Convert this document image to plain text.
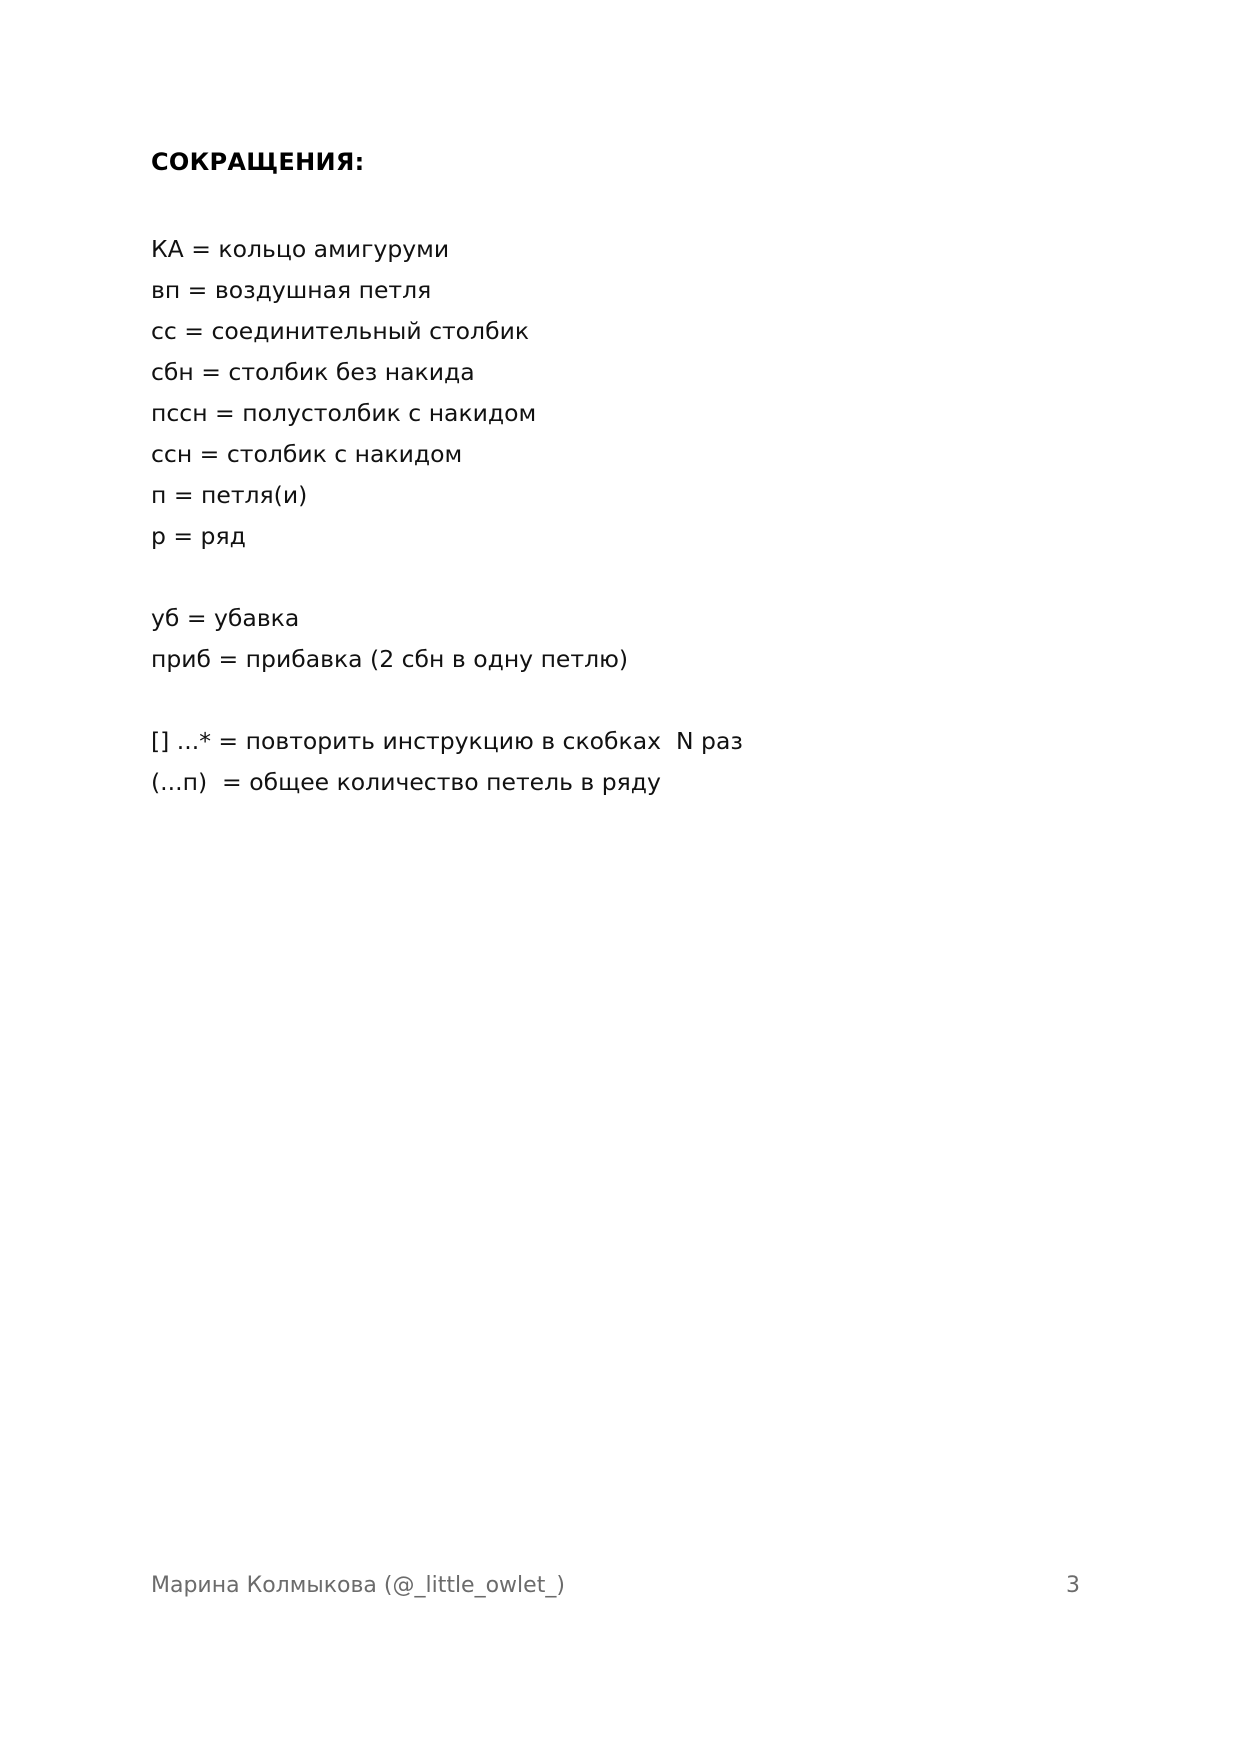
СОКРАЩЕНИЯ:
КА = кольцо амигуруми
вп = воздушная петля
сс = соединительный столбик
сбн = столбик без накида
пссн = полустолбик с накидом
ссн = столбик с накидом
п = петля(и)
р = ряд
уб = убавка
приб = прибавка (2 сбн в одну петлю)
[] ...* = повторить инструкцию в скобках  N раз
(...п)  = общее количество петель в ряду
Марина Колмыкова (@_little_owlet_)	3
